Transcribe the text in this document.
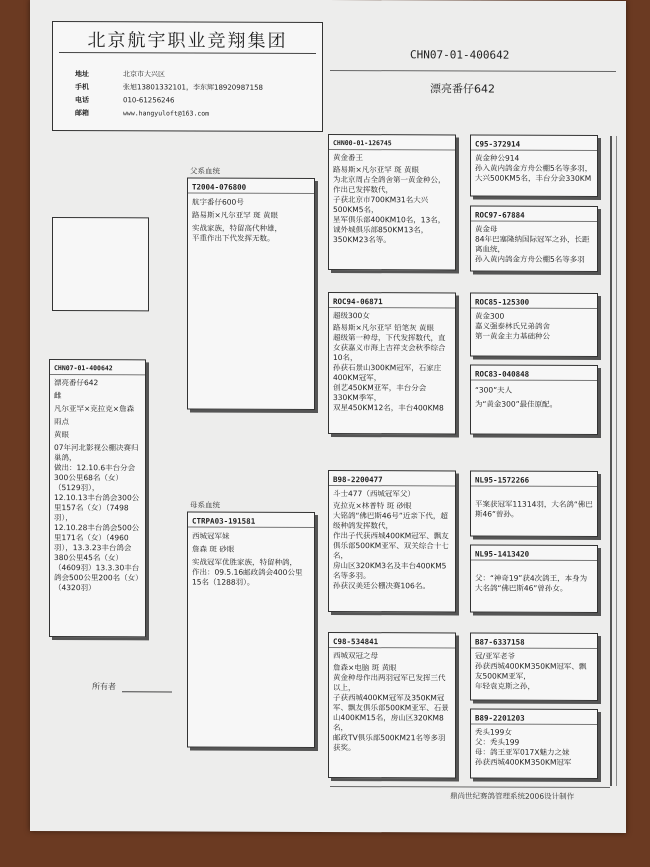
北京航宇职业竞翔集团
地址
手机
电话
邮箱
北京市大兴区
张旭13801332101，李东辉18920987158
010-61256246
www.hangyuloft@163.com
CHN07-01-400642
漂亮番仔642
CHN07-01-400642
漂亮番仔642
雌
凡尔亚罕×克拉克×詹森
雨点
黄眼
07年河北影视公棚决赛归巢鸽，
做出：12.10.6丰台分会300公里68名（女）（5129羽），
12.10.13丰台鸽会300公里157名（女）（7498羽），
12.10.28丰台鸽会500公里171名（女）（4960羽），13.3.23丰台鸽会380公里45名（女）（4609羽）13.3.30丰台鸽会500公里200名（女）（4320羽）
父系血统
T2004-076800
航宇番仔600号
路易斯×凡尔亚罕 斑 黄眼
实战家族，特留高代种雄，
平重作出下代发挥无数。
母系血统
CTRPA03-191581
西城冠军妹
詹森 斑 砂眼
实战冠军优胜家族，特留种鸽，
作出：09.5.16邮政鸽会400公里15名（1288羽）。
CHN00-01-126745
黄金番王
路易斯×凡尔亚罕 斑 黄眼
为北京周占全鸽舍第一黄金种公，作出已发挥数代，
子获北京市700KM31名大兴500KM5名，
星军俱乐部400KM10名，13名，
诚外城俱乐部850KM13名，350KM23名等。
ROC94-06871
超级300女
路易斯×凡尔亚罕 铅笔灰 黄眼
超级第一种母，下代发挥数代，直女获嘉义市海上吉祥支会秋季综合10名，
孙获石景山300KM冠军，石家庄400KM冠军，
创艺450KM亚军，丰台分会330KM季军，
双星450KM12名，丰台400KM8
B98-2200477
斗士477（西城冠军父）
克拉克×林普特 斑 砂眼
大铭鸽“佛巴斯46号”近亲下代，超级种鸽发挥数代，
作出子代获西城400KM冠军、飘友俱乐部500KM亚军、双关综合十七名，
房山区320KM3名及丰台400KM5名等多羽。
孙获汉美廷公棚决赛106名。
C98-534841
西城双冠之母
詹森×电脑 斑 黄眼
黄金种母作出两羽冠军已发挥三代以上，
子获西城400KM冠军及350KM冠军、飘友俱乐部500KM亚军、石景山400KM15名，房山区320KM8名，
邮政TV俱乐部500KM21名等多羽获奖。
C95-372914
黄金种公914
孙入黄内鸽金方舟公棚5名等多羽，
大兴500KM5名，丰台分会330KM
ROC97-67884
黄金母
84年巴塞隆纳国际冠军之孙，长距离血统，
孙入黄内鸽金方舟公棚5名等多羽
ROC85-125300
黄金300
嘉义强泰林氏兄弟鸽舍
第一黄金主力基础种公
ROC83-040848
“300”夫人
为“黄金300”最佳原配。
NL95-1572266
平案获冠军11314羽，大名鸽“佛巴斯46”曾孙。
NL95-1413420
父：“神奇19”获4次鸽王，本身为大名鸽“佛巴斯46”曾孙女。
B87-6337158
冠/亚军老爷
孙获西城400KM350KM冠军、飘友500KM亚军，
年轻袁克斯之孙，
B89-2201203
秃头199女
父：秃头199
母：鸽王亚军017X魅力之妹
孙获西城400KM350KM冠军
所有者
鼎尚世纪赛鸽管理系统2006设计制作
